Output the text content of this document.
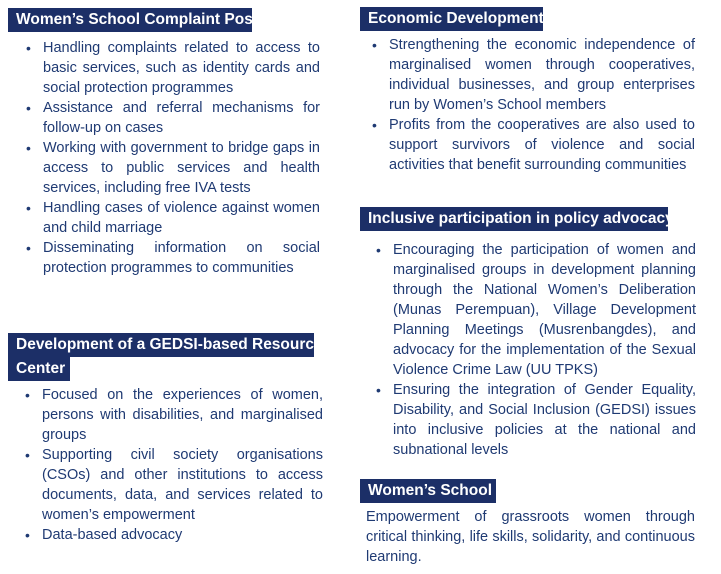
Women’s School Complaint Post
• Handling complaints related to access to basic services, such as identity cards and social protection programmes
• Assistance and referral mechanisms for follow-up on cases
• Working with government to bridge gaps in access to public services and health services, including free IVA tests
• Handling cases of violence against women and child marriage
• Disseminating information on social protection programmes to communities
Development of a GEDSI-based Resource
Center
• Focused on the experiences of women, persons with disabilities, and marginalised groups
• Supporting civil society organisations (CSOs) and other institutions to access documents, data, and services related to women’s empowerment
• Data-based advocacy
Economic Development
• Strengthening the economic independence of marginalised women through cooperatives, individual businesses, and group enterprises run by Women’s School members
• Profits from the cooperatives are also used to support survivors of violence and social activities that benefit surrounding communities
Inclusive participation in policy advocacy
• Encouraging the participation of women and marginalised groups in development planning through the National Women’s Deliberation (Munas Perempuan), Village Development Planning Meetings (Musrenbangdes), and advocacy for the implementation of the Sexual Violence Crime Law (UU TPKS)
• Ensuring the integration of Gender Equality, Disability, and Social Inclusion (GEDSI) issues into inclusive policies at the national and subnational levels
Women’s School
Empowerment of grassroots women through critical thinking, life skills, solidarity, and continuous learning.
